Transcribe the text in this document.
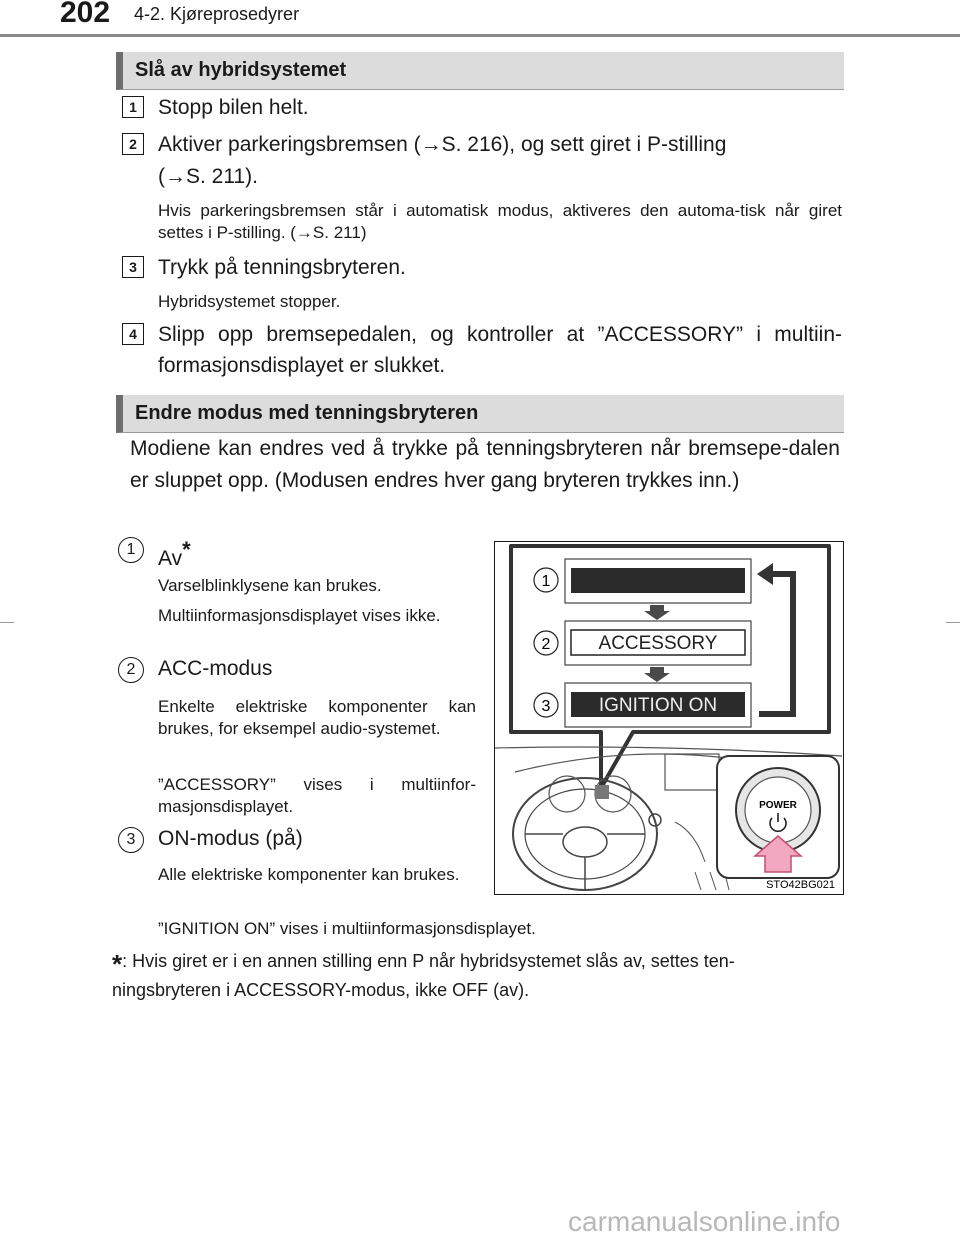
202 4-2. Kjøreprosedyrer
Slå av hybridsystemet
1	Stopp bilen helt.
2	Aktiver parkeringsbremsen (→S. 216), og sett giret i P-stilling
(→S. 211).
Hvis parkeringsbremsen står i automatisk modus, aktiveres den automa-tisk når giret settes i P-stilling. (→S. 211)
3	Trykk på tenningsbryteren.
Hybridsystemet stopper.
4	Slipp opp bremsepedalen, og kontroller at ”ACCESSORY” i multiin-formasjonsdisplayet er slukket.
Endre modus med tenningsbryteren
Modiene kan endres ved å trykke på tenningsbryteren når bremsepe-dalen er sluppet opp. (Modusen endres hver gang bryteren trykkes inn.)
1	Av*
Varselblinklysene kan brukes.
Multiinformasjonsdisplayet vises ikke.
2	ACC-modus
Enkelte elektriske komponenter kan brukes, for eksempel audio-systemet.
”ACCESSORY” vises i multiinfor-masjonsdisplayet.
3	ON-modus (på)
Alle elektriske komponenter kan brukes.
”IGNITION ON” vises i multiinformasjonsdisplayet.
ACCESSORY
IGNITION ON
1
2
3
POWER
STO42BG021
*: Hvis giret er i en annen stilling enn P når hybridsystemet slås av, settes ten-ningsbryteren i ACCESSORY-modus, ikke OFF (av).
carmanualsonline.info
